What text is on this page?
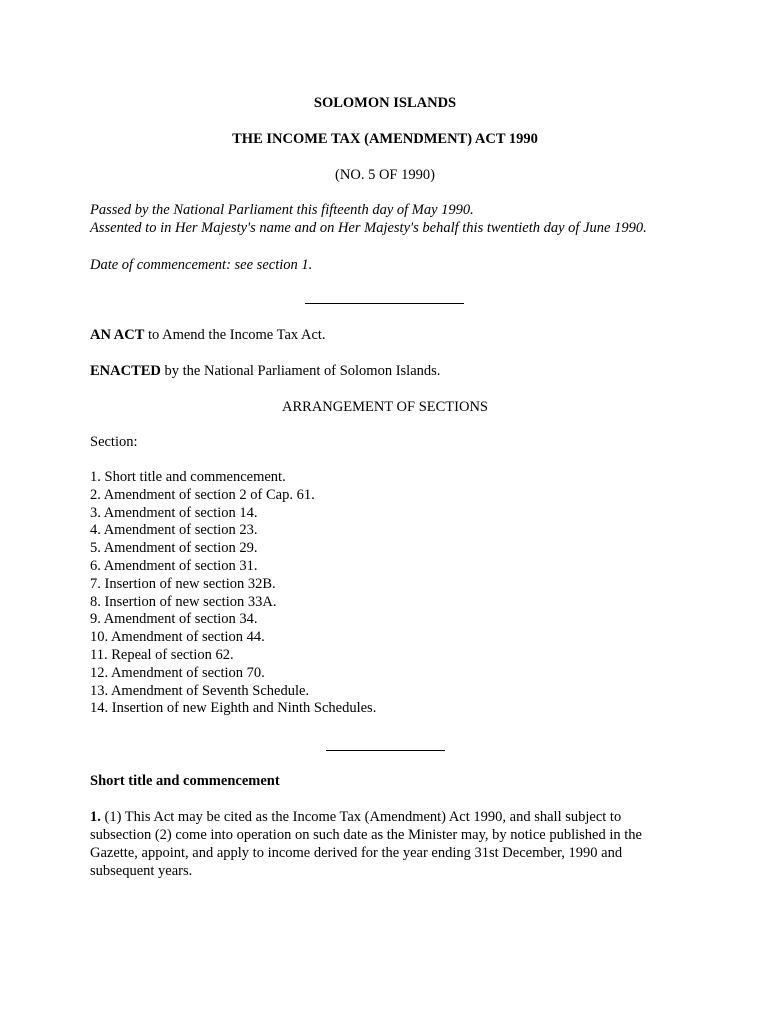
SOLOMON ISLANDS
THE INCOME TAX (AMENDMENT) ACT 1990
(NO. 5 OF 1990)
Passed by the National Parliament this fifteenth day of May 1990.
Assented to in Her Majesty's name and on Her Majesty's behalf this twentieth day of June 1990.
Date of commencement: see section 1.
AN ACT to Amend the Income Tax Act.
ENACTED by the National Parliament of Solomon Islands.
ARRANGEMENT OF SECTIONS
Section:
1. Short title and commencement.
2. Amendment of section 2 of Cap. 61.
3. Amendment of section 14.
4. Amendment of section 23.
5. Amendment of section 29.
6. Amendment of section 31.
7. Insertion of new section 32B.
8. Insertion of new section 33A.
9. Amendment of section 34.
10. Amendment of section 44.
11. Repeal of section 62.
12. Amendment of section 70.
13. Amendment of Seventh Schedule.
14. Insertion of new Eighth and Ninth Schedules.
Short title and commencement
1. (1) This Act may be cited as the Income Tax (Amendment) Act 1990, and shall subject to subsection (2) come into operation on such date as the Minister may, by notice published in the Gazette, appoint, and apply to income derived for the year ending 31st December, 1990 and subsequent years.
